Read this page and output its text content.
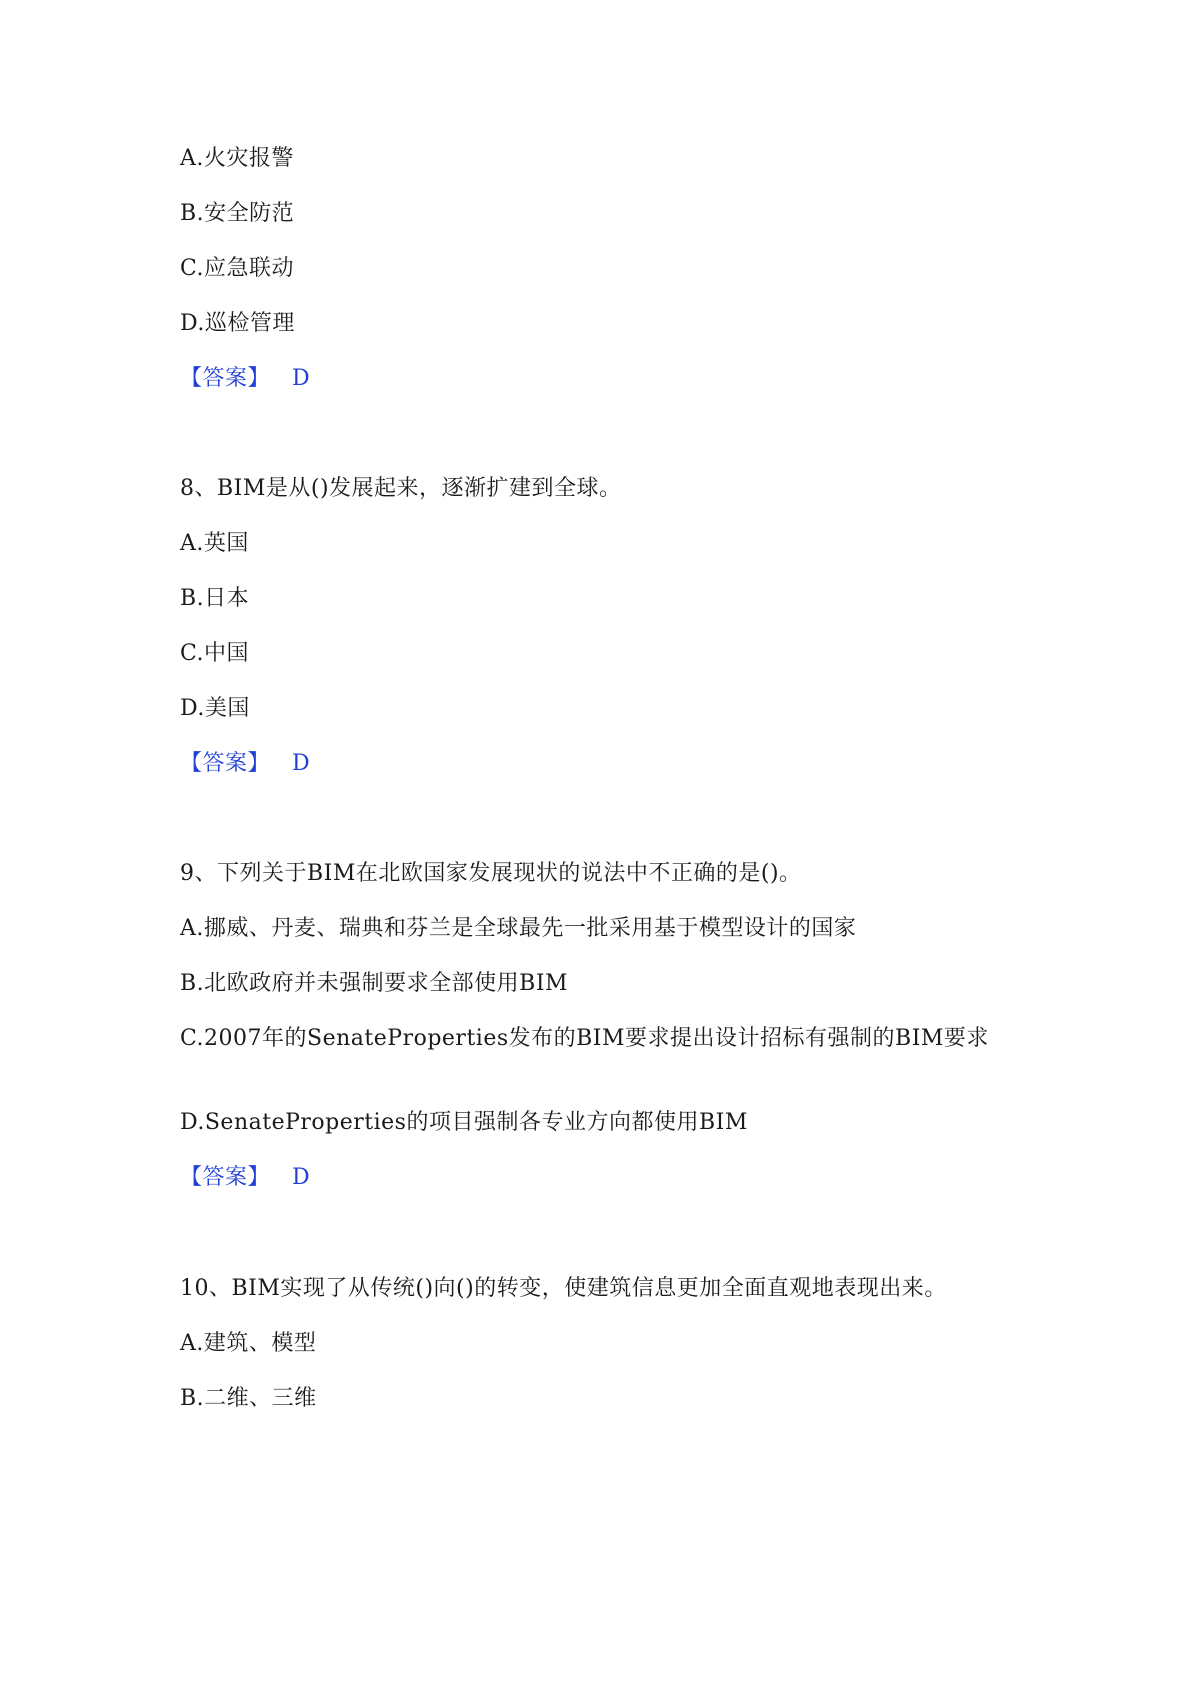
A.火灾报警
B.安全防范
C.应急联动
D.巡检管理
【答案】 D
8、BIM是从()发展起来，逐渐扩建到全球。
A.英国
B.日本
C.中国
D.美国
【答案】 D
9、下列关于BIM在北欧国家发展现状的说法中不正确的是()。
A.挪威、丹麦、瑞典和芬兰是全球最先一批采用基于模型设计的国家
B.北欧政府并未强制要求全部使用BIM
C.2007年的SenateProperties发布的BIM要求提出设计招标有强制的BIM要求
D.SenateProperties的项目强制各专业方向都使用BIM
【答案】 D
10、BIM实现了从传统()向()的转变，使建筑信息更加全面直观地表现出来。
A.建筑、模型
B.二维、三维
